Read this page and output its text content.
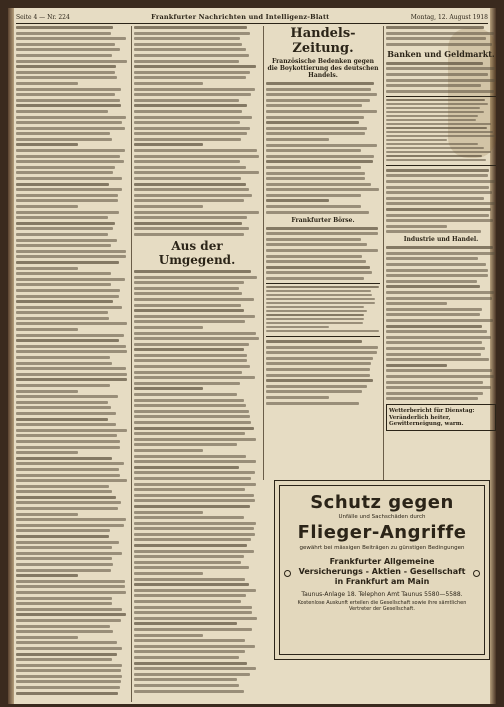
Seite 4 — Nr. 224	Frankfurter Nachrichten und Intelligenz-Blatt	Montag, 12. August 1918
Aus der Umgegend.
Handels-Zeitung.
Französische Bedenken gegen die Boykottierung des deutschen Handels.
Frankfurter Börse.
Banken und Geldmarkt.
Industrie und Handel.
Wetterbericht für Dienstag:
Veränderlich heiter, Gewitterneigung, warm.
Schutz gegen
Unfälle und Sachschäden durch
Flieger-Angriffe
gewährt bei mässigen Beiträgen zu günstigen Bedingungen
Frankfurter Allgemeine
Versicherungs - Aktien - Gesellschaft
in Frankfurt am Main
Taunus-Anlage 18. Telephon Amt Taunus 5580—5588.
Kostenlose Auskunft erteilen die Gesellschaft sowie ihre sämtlichen Vertreter der Gesellschaft.
